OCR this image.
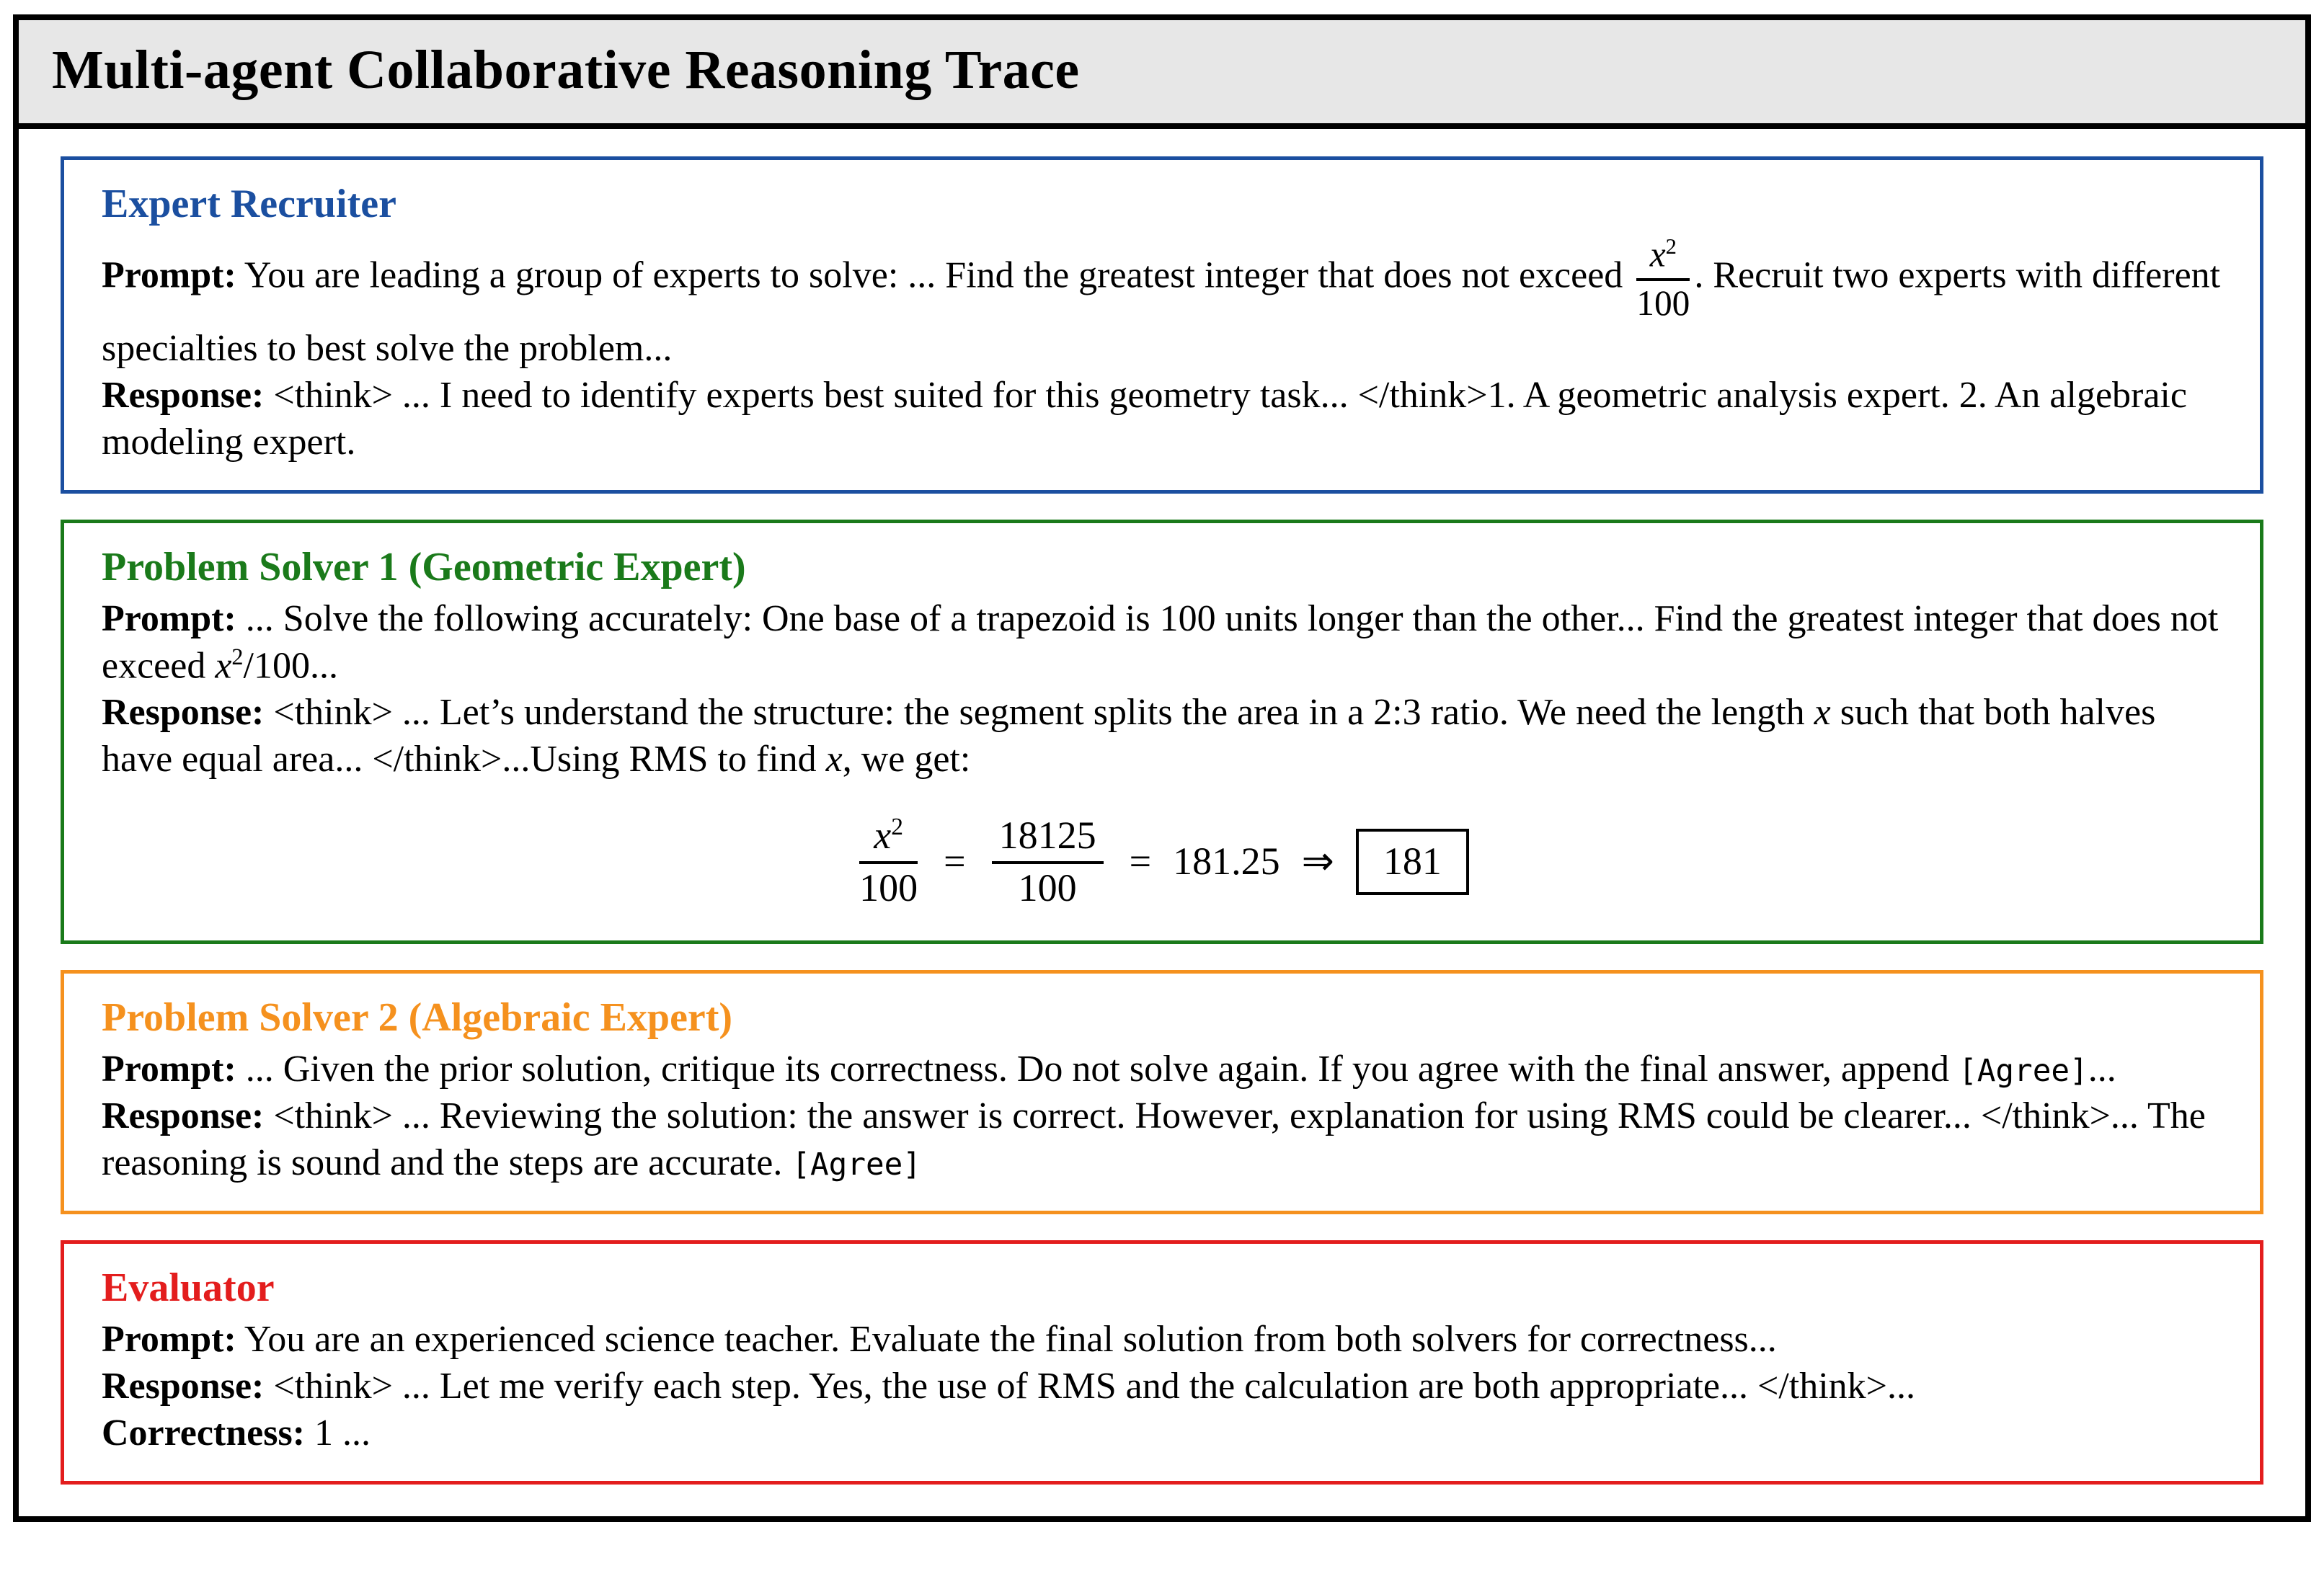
Multi-agent Collaborative Reasoning Trace
Expert Recruiter

Prompt: You are leading a group of experts to solve: ... Find the greatest integer that does not exceed $\frac{x^2}{100}$ . Recruit two experts with different specialties to best solve the problem...

Response: <think> ... I need to identify experts best suited for this geometry task... </think>1. A geometric analysis expert. 2. An algebraic modeling expert.

Problem Solver 1 (Geometric Expert)

Prompt: ... Solve the following accurately: One base of a trapezoid is 100 units longer than the other... Find the greatest integer that does not exceed $x^2/100$...

Response: <think> ... Let’s understand the structure: the segment splits the area in a 2:3 ratio. We need the length x such that both halves have equal area... </think>...Using RMS to find x, we get:

$\frac{x^2}{100} = \frac{18125}{100} = 181.25$ ⇒	181
Problem Solver 2 (Algebraic Expert)

Prompt: ... Given the prior solution, critique its correctness. Do not solve again. If you agree with the final answer, append [Agree]...

Response: <think> ... Reviewing the solution: the answer is correct. However, explanation for using RMS could be clearer... </think>... The reasoning is sound and the steps are accurate. [Agree]

Evaluator

Prompt: You are an experienced science teacher. Evaluate the final solution from both solvers for correctness...

Response: <think> ... Let me verify each step. Yes, the use of RMS and the calculation are both appropriate... </think>...

Correctness: 1 ...
